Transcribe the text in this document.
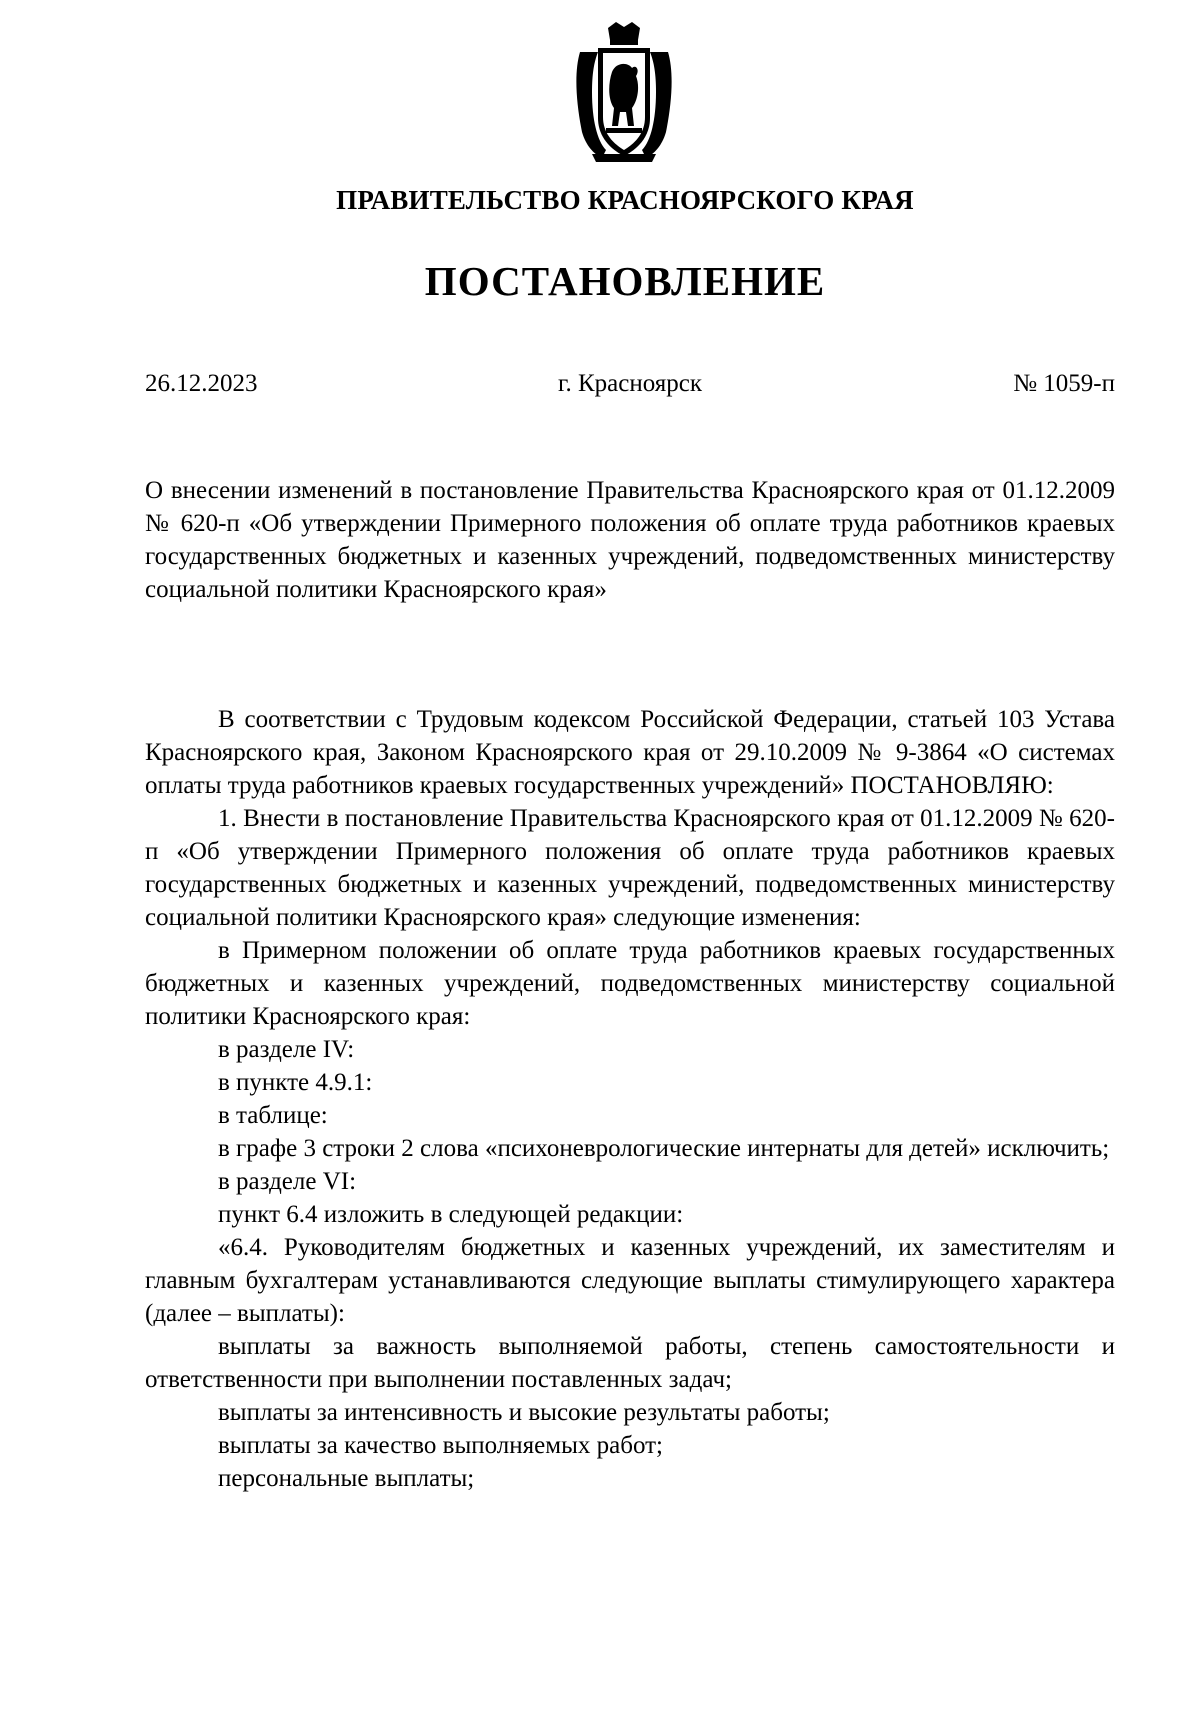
ПРАВИТЕЛЬСТВО КРАСНОЯРСКОГО КРАЯ
ПОСТАНОВЛЕНИЕ
г. Красноярск
26.12.2023	№ 1059-п
О внесении изменений в постановление Правительства Красноярского края от 01.12.2009 № 620-п «Об утверждении Примерного положения об оплате труда работников краевых государственных бюджетных и казенных учреждений, подведомственных министерству социальной политики Красноярского края»

В соответствии с Трудовым кодексом Российской Федерации, статьей 103 Устава Красноярского края, Законом Красноярского края от 29.10.2009 № 9-3864 «О системах оплаты труда работников краевых государственных учреждений» ПОСТАНОВЛЯЮ:

1. Внести в постановление Правительства Красноярского края от 01.12.2009 № 620-п «Об утверждении Примерного положения об оплате труда работников краевых государственных бюджетных и казенных учреждений, подведомственных министерству социальной политики Красноярского края» следующие изменения:

в Примерном положении об оплате труда работников краевых государственных бюджетных и казенных учреждений, подведомственных министерству социальной политики Красноярского края:

в разделе IV:

в пункте 4.9.1:

в таблице:

в графе 3 строки 2 слова «психоневрологические интернаты для детей» исключить;

в разделе VI:

пункт 6.4 изложить в следующей редакции:

«6.4. Руководителям бюджетных и казенных учреждений, их заместителям и главным бухгалтерам устанавливаются следующие выплаты стимулирующего характера (далее – выплаты):

выплаты за важность выполняемой работы, степень самостоятельности и ответственности при выполнении поставленных задач;

выплаты за интенсивность и высокие результаты работы;

выплаты за качество выполняемых работ;

персональные выплаты;
